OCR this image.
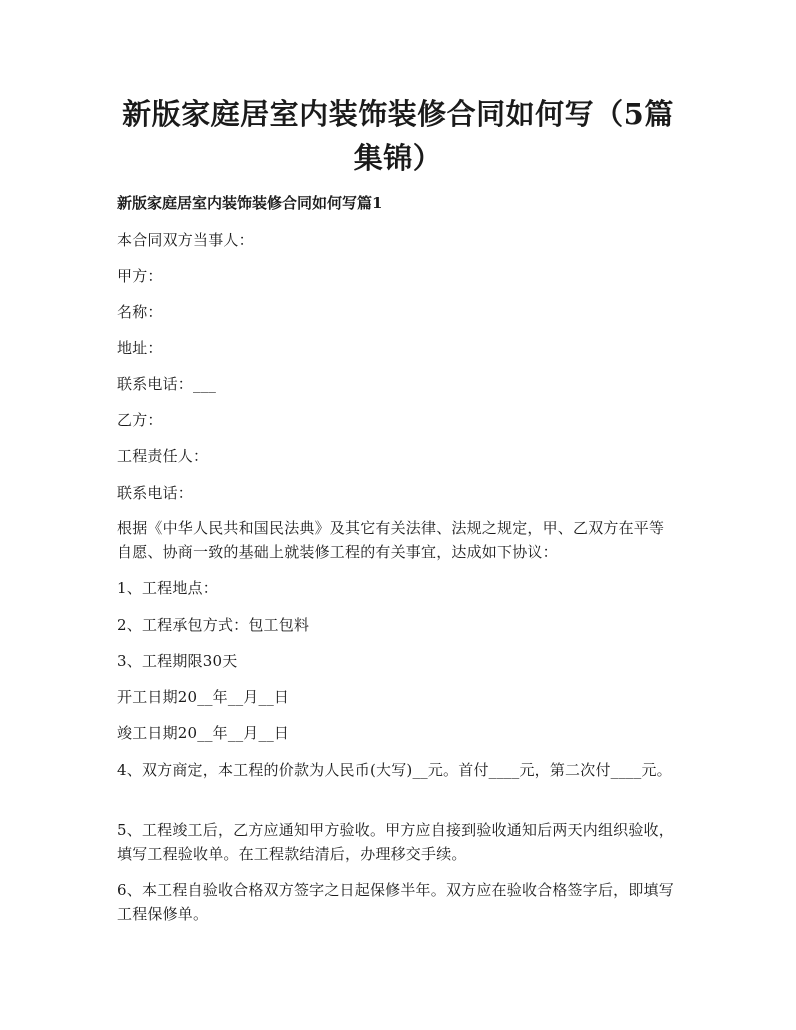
新版家庭居室内装饰装修合同如何写（5篇
集锦）

新版家庭居室内装饰装修合同如何写篇1

本合同双方当事人：

甲方：

名称：

地址：

联系电话：___

乙方：

工程责任人：

联系电话：

根据《中华人民共和国民法典》及其它有关法律、法规之规定，甲、乙双方在平等自愿、协商一致的基础上就装修工程的有关事宜，达成如下协议：

1、工程地点：

2、工程承包方式：包工包料

3、工程期限30天

开工日期20__年__月__日

竣工日期20__年__月__日

4、双方商定，本工程的价款为人民币(大写)__元。首付____元，第二次付____元。

5、工程竣工后，乙方应通知甲方验收。甲方应自接到验收通知后两天内组织验收，填写工程验收单。在工程款结清后，办理移交手续。

6、本工程自验收合格双方签字之日起保修半年。双方应在验收合格签字后，即填写工程保修单。
